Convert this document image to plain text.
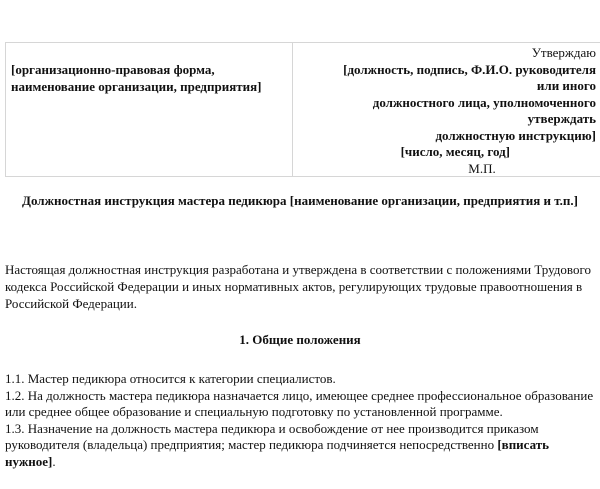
[организационно-правовая форма, наименование организации, предприятия]
Утверждаю
[должность, подпись, Ф.И.О. руководителя
или иного
должностного лица, уполномоченного
утверждать
должностную инструкцию]
[число, месяц, год]
М.П.
Должностная инструкция мастера педикюра [наименование организации, предприятия и т.п.]
Настоящая должностная инструкция разработана и утверждена в соответствии с положениями Трудового кодекса Российской Федерации и иных нормативных актов, регулирующих трудовые правоотношения в Российской Федерации.
1. Общие положения

1.1. Мастер педикюра относится к категории специалистов.

1.2. На должность мастера педикюра назначается лицо, имеющее среднее профессиональное образование или среднее общее образование и специальную подготовку по установленной программе.

1.3. Назначение на должность мастера педикюра и освобождение от нее производится приказом руководителя (владельца) предприятия; мастер педикюра подчиняется непосредственно [вписать нужное].
